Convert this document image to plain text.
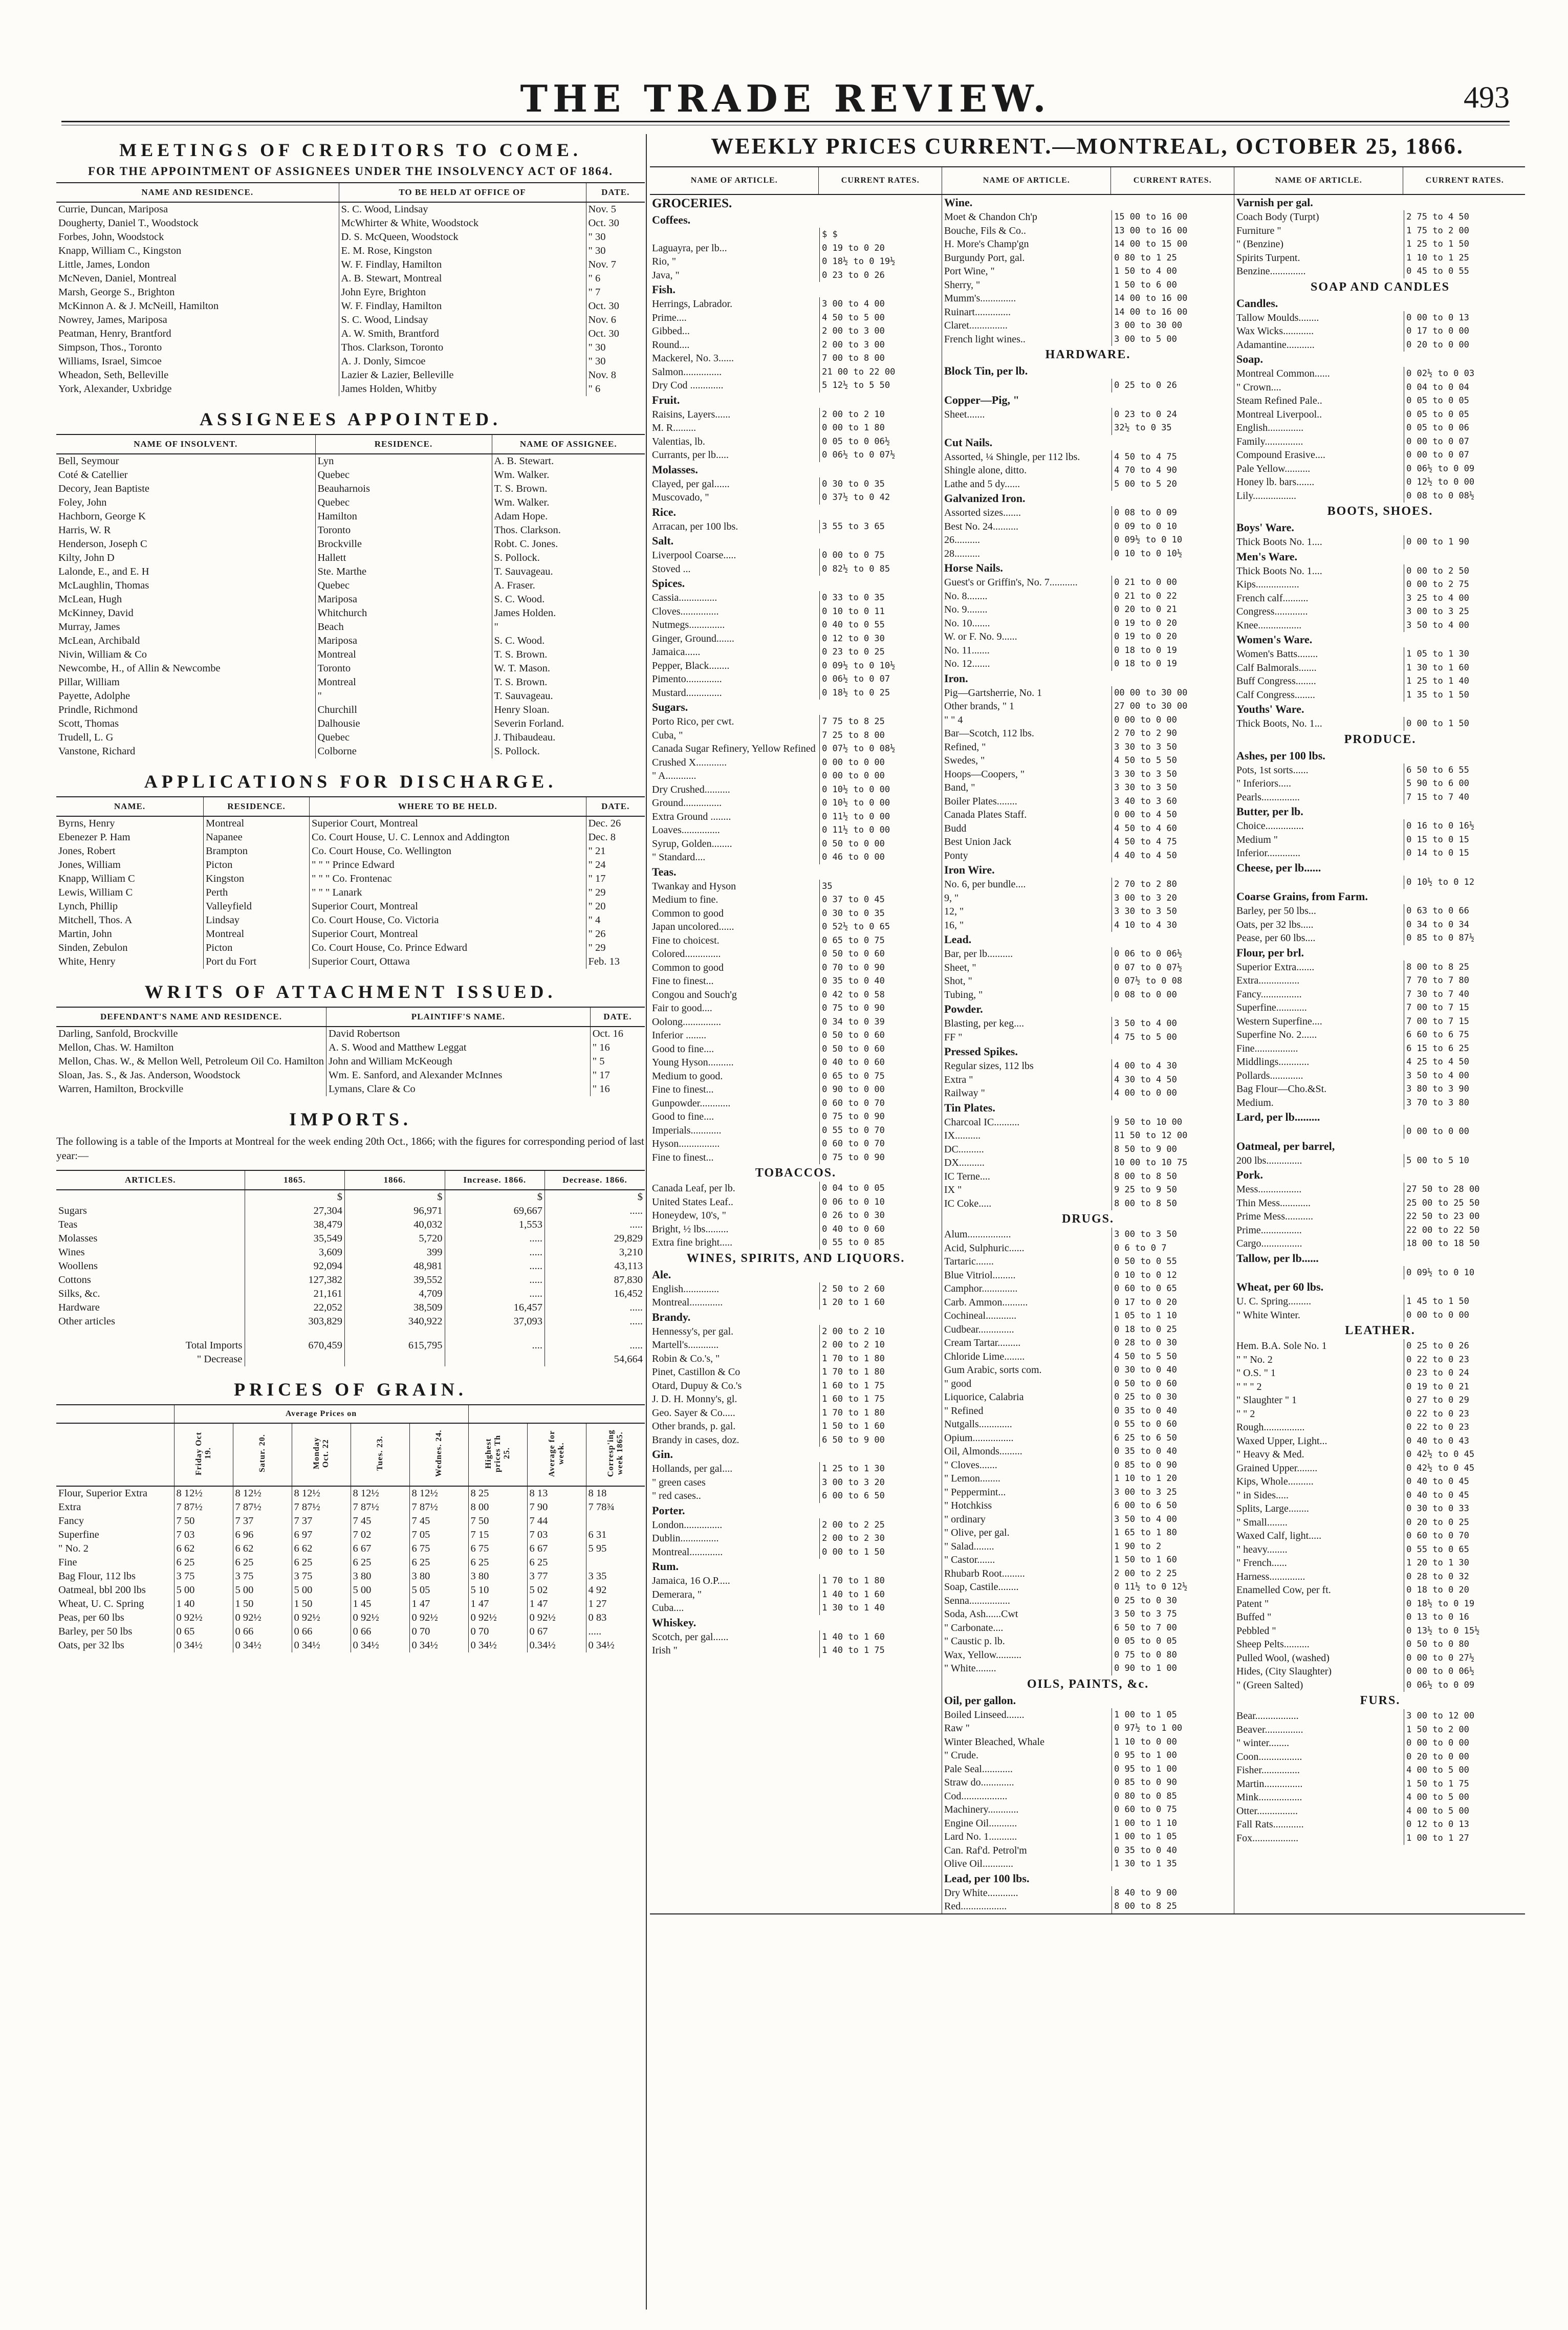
THE TRADE REVIEW.	493
MEETINGS OF CREDITORS TO COME.
FOR THE APPOINTMENT OF ASSIGNEES UNDER THE INSOLVENCY ACT OF 1864.
NAME AND RESIDENCE.	TO BE HELD AT OFFICE OF	DATE.
Currie, Duncan, Mariposa	S. C. Wood, Lindsay	Nov. 5
Dougherty, Daniel T., Woodstock	McWhirter & White, Woodstock	Oct. 30
Forbes, John, Woodstock	D. S. McQueen, Woodstock	" 30
Knapp, William C., Kingston	E. M. Rose, Kingston	" 30
Little, James, London	W. F. Findlay, Hamilton	Nov. 7
McNeven, Daniel, Montreal	A. B. Stewart, Montreal	" 6
Marsh, George S., Brighton	John Eyre, Brighton	" 7
McKinnon A. & J. McNeill, Hamilton	W. F. Findlay, Hamilton	Oct. 30
Nowrey, James, Mariposa	S. C. Wood, Lindsay	Nov. 6
Peatman, Henry, Brantford	A. W. Smith, Brantford	Oct. 30
Simpson, Thos., Toronto	Thos. Clarkson, Toronto	" 30
Williams, Israel, Simcoe	A. J. Donly, Simcoe	" 30
Wheadon, Seth, Belleville	Lazier & Lazier, Belleville	Nov. 8
York, Alexander, Uxbridge	James Holden, Whitby	" 6
ASSIGNEES APPOINTED.
NAME OF INSOLVENT.	RESIDENCE.	NAME OF ASSIGNEE.
Bell, Seymour	Lyn	A. B. Stewart.
Coté & Catellier	Quebec	Wm. Walker.
Decory, Jean Baptiste	Beauharnois	T. S. Brown.
Foley, John	Quebec	Wm. Walker.
Hachborn, George K	Hamilton	Adam Hope.
Harris, W. R	Toronto	Thos. Clarkson.
Henderson, Joseph C	Brockville	Robt. C. Jones.
Kilty, John D	Hallett	S. Pollock.
Lalonde, E., and E. H	Ste. Marthe	T. Sauvageau.
McLaughlin, Thomas	Quebec	A. Fraser.
McLean, Hugh	Mariposa	S. C. Wood.
McKinney, David	Whitchurch	James Holden.
Murray, James	Beach	"
McLean, Archibald	Mariposa	S. C. Wood.
Nivin, William & Co	Montreal	T. S. Brown.
Newcombe, H., of Allin & Newcombe	Toronto	W. T. Mason.
Pillar, William	Montreal	T. S. Brown.
Payette, Adolphe	"	T. Sauvageau.
Prindle, Richmond	Churchill	Henry Sloan.
Scott, Thomas	Dalhousie	Severin Forland.
Trudell, L. G	Quebec	J. Thibaudeau.
Vanstone, Richard	Colborne	S. Pollock.
APPLICATIONS FOR DISCHARGE.
NAME.	RESIDENCE.	WHERE TO BE HELD.	DATE.
Byrns, Henry	Montreal	Superior Court, Montreal	Dec. 26
Ebenezer P. Ham	Napanee	Co. Court House, U. C. Lennox and Addington	Dec. 8
Jones, Robert	Brampton	Co. Court House, Co. Wellington	" 21
Jones, William	Picton	" " " Prince Edward	" 24
Knapp, William C	Kingston	" " " Co. Frontenac	" 17
Lewis, William C	Perth	" " " Lanark	" 29
Lynch, Phillip	Valleyfield	Superior Court, Montreal	" 20
Mitchell, Thos. A	Lindsay	Co. Court House, Co. Victoria	" 4
Martin, John	Montreal	Superior Court, Montreal	" 26
Sinden, Zebulon	Picton	Co. Court House, Co. Prince Edward	" 29
White, Henry	Port du Fort	Superior Court, Ottawa	Feb. 13
WRITS OF ATTACHMENT ISSUED.
DEFENDANT'S NAME AND RESIDENCE.	PLAINTIFF'S NAME.	DATE.
Darling, Sanfold, Brockville	David Robertson	Oct. 16
Mellon, Chas. W. Hamilton	A. S. Wood and Matthew Leggat	" 16
Mellon, Chas. W., & Mellon Well, Petroleum Oil Co. Hamilton	John and William McKeough	" 5
Sloan, Jas. S., & Jas. Anderson, Woodstock	Wm. E. Sanford, and Alexander McInnes	" 17
Warren, Hamilton, Brockville	Lymans, Clare & Co	" 16
IMPORTS.
The following is a table of the Imports at Montreal for the week ending 20th Oct., 1866; with the figures for corresponding period of last year:—
ARTICLES.	1865.	1866.	Increase. 1866.	Decrease. 1866.
	$	$	$	$
Sugars	27,304	96,971	69,667	.....
Teas	38,479	40,032	1,553	.....
Molasses	35,549	5,720	.....	29,829
Wines	3,609	399	.....	3,210
Woollens	92,094	48,981	.....	43,113
Cottons	127,382	39,552	.....	87,830
Silks, &c.	21,161	4,709	.....	16,452
Hardware	22,052	38,509	16,457	.....
Other articles	303,829	340,922	37,093	.....
Total Imports	670,459	615,795	....	.....
" Decrease				54,664
PRICES OF GRAIN.
	Average Prices on							
	Friday Oct 19.	Satur. 20.	Monday Oct. 22	Tues. 23.	Wednes. 24.	Highest prices Th 25.	Average for week.	Corresp'ing week 1865.
Flour, Superior Extra	8 12½	8 12½	8 12½	8 12½	8 12½	8 25	8 13	8 18
Extra	7 87½	7 87½	7 87½	7 87½	7 87½	8 00	7 90	7 78¾
Fancy	7 50	7 37	7 37	7 45	7 45	7 50	7 44	
Superfine	7 03	6 96	6 97	7 02	7 05	7 15	7 03	6 31
" No. 2	6 62	6 62	6 62	6 67	6 75	6 75	6 67	5 95
Fine	6 25	6 25	6 25	6 25	6 25	6 25	6 25	
Bag Flour, 112 lbs	3 75	3 75	3 75	3 80	3 80	3 80	3 77	3 35
Oatmeal, bbl 200 lbs	5 00	5 00	5 00	5 00	5 05	5 10	5 02	4 92
Wheat, U. C. Spring	1 40	1 50	1 50	1 45	1 47	1 47	1 47	1 27
Peas, per 60 lbs	0 92½	0 92½	0 92½	0 92½	0 92½	0 92½	0 92½	0 83
Barley, per 50 lbs	0 65	0 66	0 66	0 66	0 70	0 70	0 67	.....
Oats, per 32 lbs	0 34½	0 34½	0 34½	0 34½	0 34½	0 34½	0.34½	0 34½
WEEKLY PRICES CURRENT.—MONTREAL, OCTOBER 25, 1866.
NAME OF ARTICLE.	CURRENT RATES.
GROCERIES.
Coffees.
$ $
Laguayra, per lb...	0 19 to 0 20
Rio, "	0 18½ to 0 19½
Java, "	0 23 to 0 26
Fish.
Herrings, Labrador.	3 00 to 4 00
Prime....	4 50 to 5 00
Gibbed...	2 00 to 3 00
Round....	2 00 to 3 00
Mackerel, No. 3......	7 00 to 8 00
Salmon...............	21 00 to 22 00
Dry Cod .............	5 12½ to 5 50
Fruit.
Raisins, Layers......	2 00 to 2 10
M. R.........	0 00 to 1 80
Valentias, lb.	0 05 to 0 06½
Currants, per lb.....	0 06½ to 0 07½
Molasses.
Clayed, per gal......	0 30 to 0 35
Muscovado, "	0 37½ to 0 42
Rice.
Arracan, per 100 lbs.	3 55 to 3 65
Salt.
Liverpool Coarse.....	0 00 to 0 75
Stoved ...	0 82½ to 0 85
Spices.
Cassia...............	0 33 to 0 35
Cloves...............	0 10 to 0 11
Nutmegs..............	0 40 to 0 55
Ginger, Ground.......	0 12 to 0 30
Jamaica......	0 23 to 0 25
Pepper, Black........	0 09½ to 0 10½
Pimento..............	0 06½ to 0 07
Mustard..............	0 18½ to 0 25
Sugars.
Porto Rico, per cwt.	7 75 to 8 25
Cuba, "	7 25 to 8 00
Canada Sugar Refinery, Yellow Refined 0 07½ to 0 08½
Crushed X............	0 00 to 0 00
" A............	0 00 to 0 00
Dry Crushed..........	0 10½ to 0 00
Ground...............	0 10½ to 0 00
Extra Ground ........	0 11½ to 0 00
Loaves...............	0 11½ to 0 00
Syrup, Golden........	0 50 to 0 00
" Standard....	0 46 to 0 00
Teas.
Twankay and Hyson	35
Medium to fine.	0 37 to 0 45
Common to good	0 30 to 0 35
Japan uncolored......	0 52½ to 0 65
Fine to choicest.	0 65 to 0 75
Colored..............	0 50 to 0 60
Common to good	0 70 to 0 90
Fine to finest...	0 35 to 0 40
Congou and Souch'g	0 42 to 0 58
Fair to good....	0 75 to 0 90
Oolong...............	0 34 to 0 39
Inferior ........	0 50 to 0 60
Good to fine....	0 50 to 0 60
Young Hyson..........	0 40 to 0 60
Medium to good.	0 65 to 0 75
Fine to finest...	0 90 to 0 00
Gunpowder............	0 60 to 0 70
Good to fine....	0 75 to 0 90
Imperials............	0 55 to 0 70
Hyson................	0 60 to 0 70
Fine to finest...	0 75 to 0 90
TOBACCOS.
Canada Leaf, per lb.	0 04 to 0 05
United States Leaf..	0 06 to 0 10
Honeydew, 10's, "	0 26 to 0 30
Bright, ½ lbs.........	0 40 to 0 60
Extra fine bright.....	0 55 to 0 85
WINES, SPIRITS, AND LIQUORS.
Ale.
English..............	2 50 to 2 60
Montreal.............	1 20 to 1 60
Brandy.
Hennessy's, per gal.	2 00 to 2 10
Martell's............	2 00 to 2 10
Robin & Co.'s, "	1 70 to 1 80
Pinet, Castillon & Co	1 70 to 1 80
Otard, Dupuy & Co.'s	1 60 to 1 75
J. D. H. Monny's, gl.	1 60 to 1 75
Geo. Sayer & Co.....	1 70 to 1 80
Other brands, p. gal.	1 50 to 1 60
Brandy in cases, doz.	6 50 to 9 00
Gin.
Hollands, per gal....	1 25 to 1 30
" green cases	3 00 to 3 20
" red cases..	6 00 to 6 50
Porter.
London...............	2 00 to 2 25
Dublin...............	2 00 to 2 30
Montreal.............	0 00 to 1 50
Rum.
Jamaica, 16 O.P.....	1 70 to 1 80
Demerara, "	1 40 to 1 60
Cuba....	1 30 to 1 40
Whiskey.
Scotch, per gal......	1 40 to 1 60
Irish "	1 40 to 1 75
NAME OF ARTICLE.	CURRENT RATES.
Wine.
Moet & Chandon Ch'p	15 00 to 16 00
Bouche, Fils & Co..	13 00 to 16 00
H. More's Champ'gn	14 00 to 15 00
Burgundy Port, gal.	0 80 to 1 25
Port Wine, "	1 50 to 4 00
Sherry, "	1 50 to 6 00
Mumm's..............	14 00 to 16 00
Ruinart..............	14 00 to 16 00
Claret...............	3 00 to 30 00
French light wines..	3 00 to 5 00
HARDWARE.
Block Tin, per lb.
0 25 to 0 26
Copper—Pig, "
Sheet.......	0 23 to 0 24
32½ to 0 35
Cut Nails.
Assorted, ¼ Shingle, per 112 lbs.	4 50 to 4 75
Shingle alone, ditto.	4 70 to 4 90
Lathe and 5 dy......	5 00 to 5 20
Galvanized Iron.
Assorted sizes.......	0 08 to 0 09
Best No. 24..........	0 09 to 0 10
26..........	0 09½ to 0 10
28..........	0 10 to 0 10½
Horse Nails.
Guest's or Griffin's, No. 7...........	0 21 to 0 00
No. 8........	0 21 to 0 22
No. 9........	0 20 to 0 21
No. 10.......	0 19 to 0 20
W. or F. No. 9......	0 19 to 0 20
No. 11.......	0 18 to 0 19
No. 12.......	0 18 to 0 19
Iron.
Pig—Gartsherrie, No. 1	00 00 to 30 00
Other brands, " 1	27 00 to 30 00
" " 4	0 00 to 0 00
Bar—Scotch, 112 lbs.	2 70 to 2 90
Refined, "	3 30 to 3 50
Swedes, "	4 50 to 5 50
Hoops—Coopers, "	3 30 to 3 50
Band, "	3 30 to 3 50
Boiler Plates........	3 40 to 3 60
Canada Plates Staff.	0 00 to 4 50
Budd	4 50 to 4 60
Best Union Jack	4 50 to 4 75
Ponty	4 40 to 4 50
Iron Wire.
No. 6, per bundle....	2 70 to 2 80
9, "	3 00 to 3 20
12, "	3 30 to 3 50
16, "	4 10 to 4 30
Lead.
Bar, per lb..........	0 06 to 0 06½
Sheet, "	0 07 to 0 07½
Shot, "	0 07½ to 0 08
Tubing, "	0 08 to 0 00
Powder.
Blasting, per keg....	3 50 to 4 00
FF "	4 75 to 5 00
Pressed Spikes.
Regular sizes, 112 lbs	4 00 to 4 30
Extra "	4 30 to 4 50
Railway "	4 00 to 0 00
Tin Plates.
Charcoal IC..........	9 50 to 10 00
IX..........	11 50 to 12 00
DC..........	8 50 to 9 00
DX..........	10 00 to 10 75
IC Terne....	8 00 to 8 50
IX "	9 25 to 9 50
IC Coke.....	8 00 to 8 50
DRUGS.
Alum.................	3 00 to 3 50
Acid, Sulphuric......	0 6 to 0 7
Tartaric.......	0 50 to 0 55
Blue Vitriol.........	0 10 to 0 12
Camphor..............	0 60 to 0 65
Carb. Ammon..........	0 17 to 0 20
Cochineal............	1 05 to 1 10
Cudbear..............	0 18 to 0 25
Cream Tartar.........	0 28 to 0 30
Chloride Lime........	4 50 to 5 50
Gum Arabic, sorts com.	0 30 to 0 40
" good	0 50 to 0 60
Liquorice, Calabria	0 25 to 0 30
" Refined	0 35 to 0 40
Nutgalls.............	0 55 to 0 60
Opium................	6 25 to 6 50
Oil, Almonds.........	0 35 to 0 40
" Cloves.......	0 85 to 0 90
" Lemon........	1 10 to 1 20
" Peppermint...	3 00 to 3 25
" Hotchkiss	6 00 to 6 50
" ordinary	3 50 to 4 00
" Olive, per gal.	1 65 to 1 80
" Salad........	1 90 to 2
" Castor.......	1 50 to 1 60
Rhubarb Root.........	2 00 to 2 25
Soap, Castile........	0 11½ to 0 12½
Senna................	0 25 to 0 30
Soda, Ash......Cwt	3 50 to 3 75
" Carbonate....	6 50 to 7 00
" Caustic p. lb.	0 05 to 0 05
Wax, Yellow..........	0 75 to 0 80
" White........	0 90 to 1 00
OILS, PAINTS, &c.
Oil, per gallon.
Boiled Linseed.......	1 00 to 1 05
Raw "	0 97½ to 1 00
Winter Bleached, Whale	1 10 to 0 00
" Crude.	0 95 to 1 00
Pale Seal............	0 95 to 1 00
Straw do.............	0 85 to 0 90
Cod..................	0 80 to 0 85
Machinery............	0 60 to 0 75
Engine Oil...........	1 00 to 1 10
Lard No. 1...........	1 00 to 1 05
Can. Raf'd. Petrol'm	0 35 to 0 40
Olive Oil............	1 30 to 1 35
Lead, per 100 lbs.
Dry White............	8 40 to 9 00
Red..................	8 00 to 8 25
NAME OF ARTICLE.	CURRENT RATES.
Varnish per gal.
Coach Body (Turpt)	2 75 to 4 50
Furniture "	1 75 to 2 00
" (Benzine)	1 25 to 1 50
Spirits Turpent.	1 10 to 1 25
Benzine..............	0 45 to 0 55
SOAP AND CANDLES
Candles.
Tallow Moulds........	0 00 to 0 13
Wax Wicks............	0 17 to 0 00
Adamantine...........	0 20 to 0 00
Soap.
Montreal Common......	0 02½ to 0 03
" Crown....	0 04 to 0 04
Steam Refined Pale..	0 05 to 0 05
Montreal Liverpool..	0 05 to 0 05
English..............	0 05 to 0 06
Family...............	0 00 to 0 07
Compound Erasive....	0 00 to 0 07
Pale Yellow..........	0 06½ to 0 09
Honey lb. bars.......	0 12½ to 0 00
Lily.................	0 08 to 0 08½
BOOTS, SHOES.
Boys' Ware.
Thick Boots No. 1....	0 00 to 1 90
Men's Ware.
Thick Boots No. 1....	0 00 to 2 50
Kips.................	0 00 to 2 75
French calf..........	3 25 to 4 00
Congress.............	3 00 to 3 25
Knee.................	3 50 to 4 00
Women's Ware.
Women's Batts........	1 05 to 1 30
Calf Balmorals.......	1 30 to 1 60
Buff Congress........	1 25 to 1 40
Calf Congress........	1 35 to 1 50
Youths' Ware.
Thick Boots, No. 1...	0 00 to 1 50
PRODUCE.
Ashes, per 100 lbs.
Pots, 1st sorts......	6 50 to 6 55
" Inferiors.....	5 90 to 6 00
Pearls...............	7 15 to 7 40
Butter, per lb.
Choice...............	0 16 to 0 16½
Medium "	0 15 to 0 15
Inferior.............	0 14 to 0 15
Cheese, per lb......
0 10½ to 0 12
Coarse Grains, from Farm.
Barley, per 50 lbs...	0 63 to 0 66
Oats, per 32 lbs.....	0 34 to 0 34
Pease, per 60 lbs....	0 85 to 0 87½
Flour, per brl.
Superior Extra.......	8 00 to 8 25
Extra................	7 70 to 7 80
Fancy................	7 30 to 7 40
Superfine............	7 00 to 7 15
Western Superfine....	7 00 to 7 15
Superfine No. 2......	6 60 to 6 75
Fine.................	6 15 to 6 25
Middlings............	4 25 to 4 50
Pollards.............	3 50 to 4 00
Bag Flour—Cho.&St.	3 80 to 3 90
Medium.	3 70 to 3 80
Lard, per lb.........
0 00 to 0 00
Oatmeal, per barrel,
200 lbs..............	5 00 to 5 10
Pork.
Mess.................	27 50 to 28 00
Thin Mess............	25 00 to 25 50
Prime Mess...........	22 50 to 23 00
Prime................	22 00 to 22 50
Cargo................	18 00 to 18 50
Tallow, per lb......
0 09½ to 0 10
Wheat, per 60 lbs.
U. C. Spring.........	1 45 to 1 50
" White Winter.	0 00 to 0 00
LEATHER.
Hem. B.A. Sole No. 1	0 25 to 0 26
" " No. 2	0 22 to 0 23
" O.S. " 1	0 23 to 0 24
" " " 2	0 19 to 0 21
" Slaughter " 1	0 27 to 0 29
" " 2	0 22 to 0 23
Rough................	0 22 to 0 23
Waxed Upper, Light...	0 40 to 0 43
" Heavy & Med.	0 42½ to 0 45
Grained Upper........	0 42½ to 0 45
Kips, Whole..........	0 40 to 0 45
" in Sides.....	0 40 to 0 45
Splits, Large........	0 30 to 0 33
" Small........	0 20 to 0 25
Waxed Calf, light.....	0 60 to 0 70
" heavy........	0 55 to 0 65
" French......	1 20 to 1 30
Harness..............	0 28 to 0 32
Enamelled Cow, per ft.	0 18 to 0 20
Patent "	0 18½ to 0 19
Buffed "	0 13 to 0 16
Pebbled "	0 13½ to 0 15½
Sheep Pelts..........	0 50 to 0 80
Pulled Wool, (washed)	0 00 to 0 27½
Hides, (City Slaughter)	0 00 to 0 06½
" (Green Salted)	0 06½ to 0 09
FURS.
Bear.................	3 00 to 12 00
Beaver...............	1 50 to 2 00
" winter........	0 00 to 0 00
Coon.................	0 20 to 0 00
Fisher...............	4 00 to 5 00
Martin...............	1 50 to 1 75
Mink.................	4 00 to 5 00
Otter................	4 00 to 5 00
Fall Rats............	0 12 to 0 13
Fox..................	1 00 to 1 27
